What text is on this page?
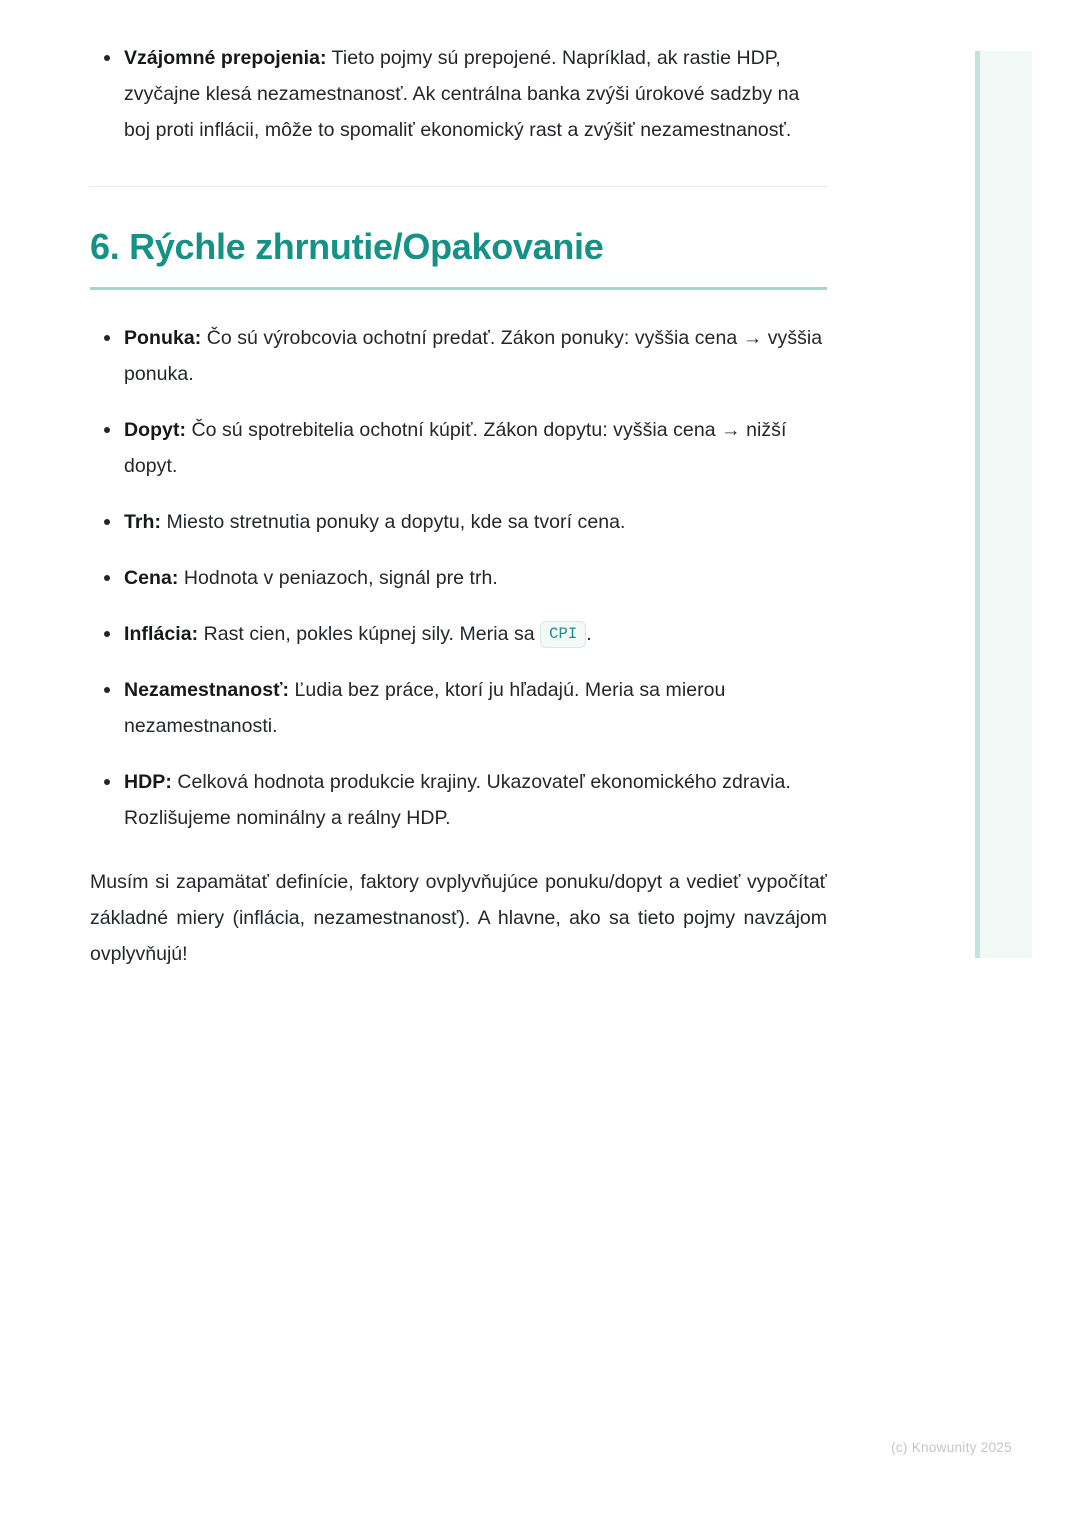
Vzájomné prepojenia: Tieto pojmy sú prepojené. Napríklad, ak rastie HDP, zvyčajne klesá nezamestnanosť. Ak centrálna banka zvýši úrokové sadzby na boj proti inflácii, môže to spomaliť ekonomický rast a zvýšiť nezamestnanosť.
6. Rýchle zhrnutie/Opakovanie
Ponuka: Čo sú výrobcovia ochotní predať. Zákon ponuky: vyššia cena → vyššia ponuka.
Dopyt: Čo sú spotrebitelia ochotní kúpiť. Zákon dopytu: vyššia cena → nižší dopyt.
Trh: Miesto stretnutia ponuky a dopytu, kde sa tvorí cena.
Cena: Hodnota v peniazoch, signál pre trh.
Inflácia: Rast cien, pokles kúpnej sily. Meria sa CPI .
Nezamestnanosť: Ľudia bez práce, ktorí ju hľadajú. Meria sa mierou nezamestnanosti.
HDP: Celková hodnota produkcie krajiny. Ukazovateľ ekonomického zdravia. Rozlišujeme nominálny a reálny HDP.

Musím si zapamätať definície, faktory ovplyvňujúce ponuku/dopyt a vedieť vypočítať základné miery (inflácia, nezamestnanosť). A hlavne, ako sa tieto pojmy navzájom ovplyvňujú!

(c) Knowunity 2025
